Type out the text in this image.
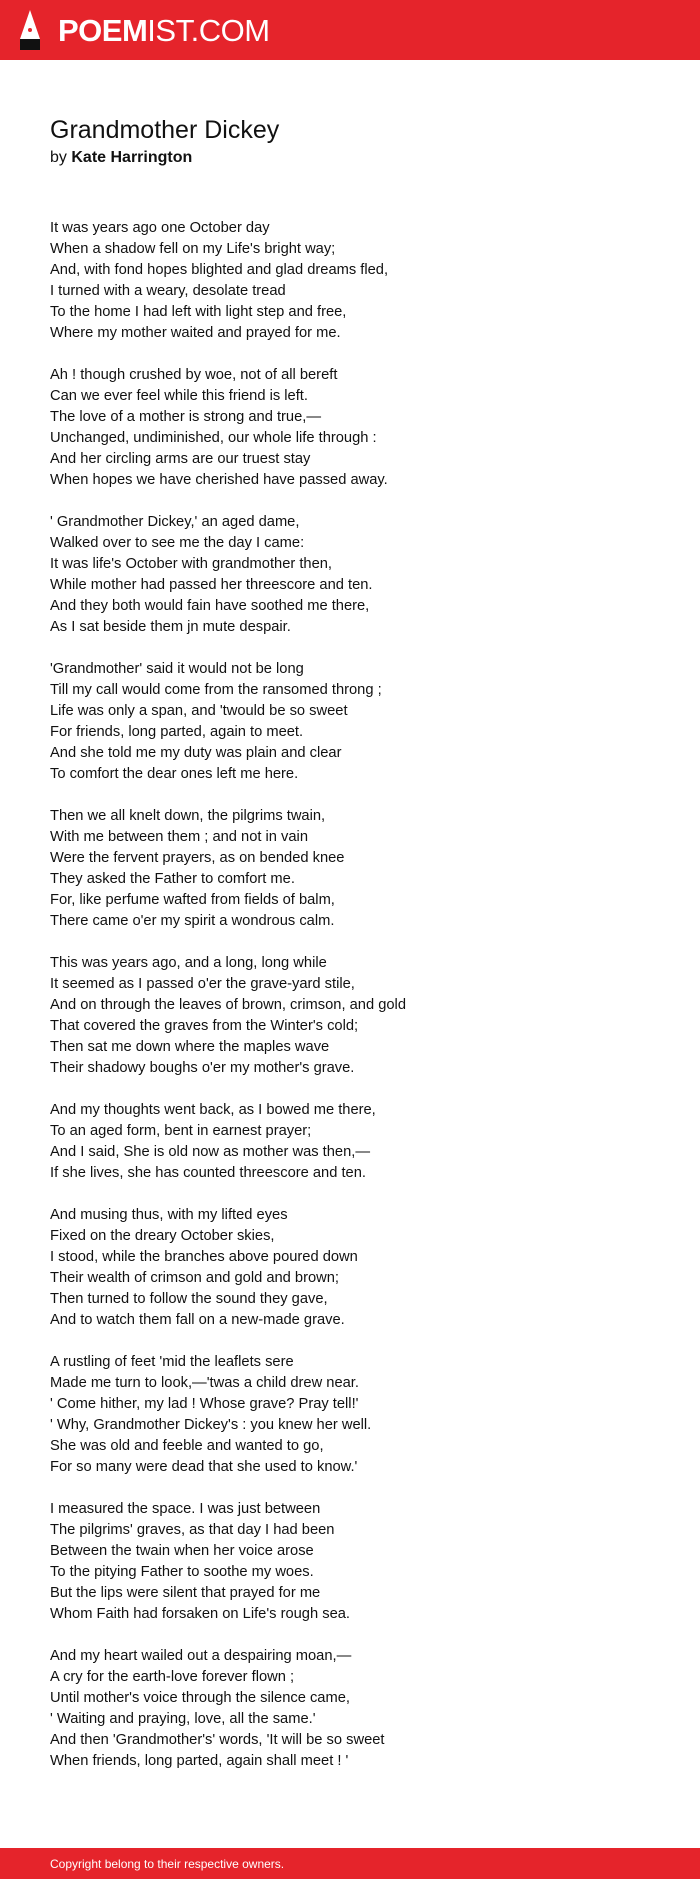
POEM IST.COM
Grandmother Dickey
by Kate Harrington
It was years ago one October day
When a shadow fell on my Life's bright way;
And, with fond hopes blighted and glad dreams fled,
I turned with a weary, desolate tread
To the home I had left with light step and free,
Where my mother waited and prayed for me.
Ah ! though crushed by woe, not of all bereft
Can we ever feel while this friend is left.
The love of a mother is strong and true,—
Unchanged, undiminished, our whole life through :
And her circling arms are our truest stay
When hopes we have cherished have passed away.
' Grandmother Dickey,' an aged dame,
Walked over to see me the day I came:
It was life's October with grandmother then,
While mother had passed her threescore and ten.
And they both would fain have soothed me there,
As I sat beside them jn mute despair.
'Grandmother' said it would not be long
Till my call would come from the ransomed throng ;
Life was only a span, and 'twould be so sweet
For friends, long parted, again to meet.
And she told me my duty was plain and clear
To comfort the dear ones left me here.
Then we all knelt down, the pilgrims twain,
With me between them ; and not in vain
Were the fervent prayers, as on bended knee
They asked the Father to comfort me.
For, like perfume wafted from fields of balm,
There came o'er my spirit a wondrous calm.
This was years ago, and a long, long while
It seemed as I passed o'er the grave-yard stile,
And on through the leaves of brown, crimson, and gold
That covered the graves from the Winter's cold;
Then sat me down where the maples wave
Their shadowy boughs o'er my mother's grave.
And my thoughts went back, as I bowed me there,
To an aged form, bent in earnest prayer;
And I said, She is old now as mother was then,—
If she lives, she has counted threescore and ten.
And musing thus, with my lifted eyes
Fixed on the dreary October skies,
I stood, while the branches above poured down
Their wealth of crimson and gold and brown;
Then turned to follow the sound they gave,
And to watch them fall on a new-made grave.
A rustling of feet 'mid the leaflets sere
Made me turn to look,—'twas a child drew near.
' Come hither, my lad ! Whose grave? Pray tell!'
' Why, Grandmother Dickey's : you knew her well.
She was old and feeble and wanted to go,
For so many were dead that she used to know.'
I measured the space. I was just between
The pilgrims' graves, as that day I had been
Between the twain when her voice arose
To the pitying Father to soothe my woes.
But the lips were silent that prayed for me
Whom Faith had forsaken on Life's rough sea.
And my heart wailed out a despairing moan,—
A cry for the earth-love forever flown ;
Until mother's voice through the silence came,
' Waiting and praying, love, all the same.'
And then 'Grandmother's' words, 'It will be so sweet
When friends, long parted, again shall meet ! '
Copyright belong to their respective owners.
